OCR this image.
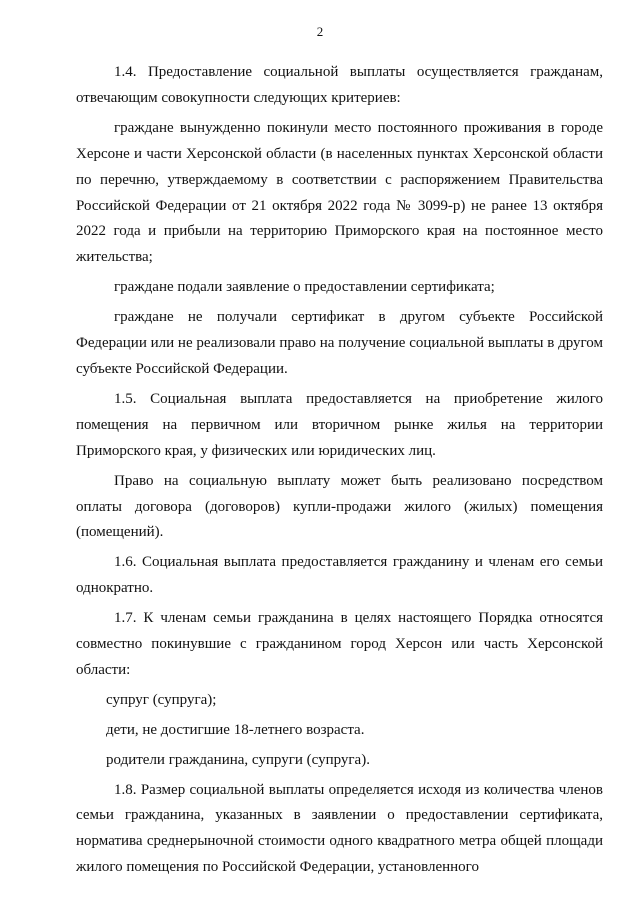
2

1.4. Предоставление социальной выплаты осуществляется гражданам, отвечающим совокупности следующих критериев:

граждане вынужденно покинули место постоянного проживания в городе Херсоне и части Херсонской области (в населенных пунктах Херсонской области по перечню, утверждаемому в соответствии с распоряжением Правительства Российской Федерации от 21 октября 2022 года № 3099-р) не ранее 13 октября 2022 года и прибыли на территорию Приморского края на постоянное место жительства;

граждане подали заявление о предоставлении сертификата;

граждане не получали сертификат в другом субъекте Российской Федерации или не реализовали право на получение социальной выплаты в другом субъекте Российской Федерации.

1.5. Социальная выплата предоставляется на приобретение жилого помещения на первичном или вторичном рынке жилья на территории Приморского края, у физических или юридических лиц.

Право на социальную выплату может быть реализовано посредством оплаты договора (договоров) купли-продажи жилого (жилых) помещения (помещений).

1.6. Социальная выплата предоставляется гражданину и членам его семьи однократно.

1.7. К членам семьи гражданина в целях настоящего Порядка относятся совместно покинувшие с гражданином город Херсон или часть Херсонской области:

супруг (супруга);

дети, не достигшие 18-летнего возраста.

родители гражданина, супруги (супруга).

1.8. Размер социальной выплаты определяется исходя из количества членов семьи гражданина, указанных в заявлении о предоставлении сертификата, норматива среднерыночной стоимости одного квадратного метра общей площади жилого помещения по Российской Федерации, установленного
